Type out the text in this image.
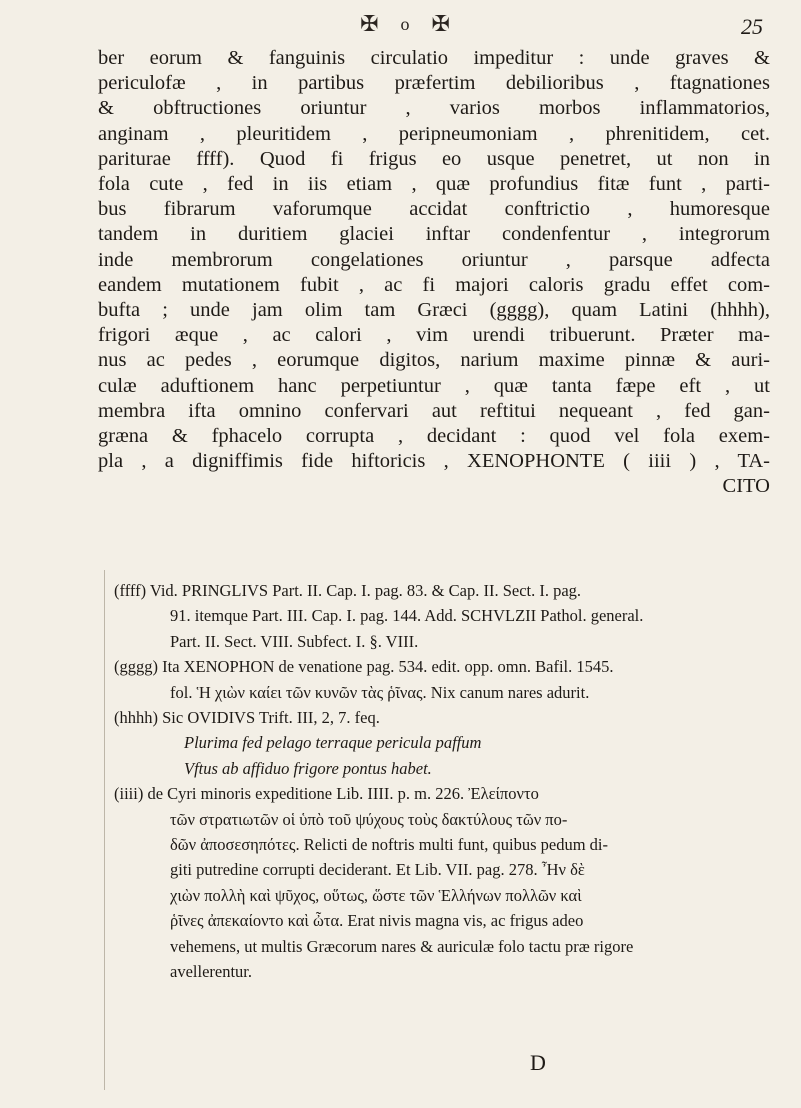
✠ o ✠	25
ber eorum & fanguinis circulatio impeditur : unde graves &
periculofæ , in partibus præfertim debilioribus , ftagnationes
& obftructiones oriuntur , varios morbos inflammatorios,
anginam , pleuritidem , peripneumoniam , phrenitidem, cet.
pariturae ffff). Quod fi frigus eo usque penetret, ut non in
fola cute , fed in iis etiam , quæ profundius fitæ funt , parti-
bus fibrarum vaforumque accidat conftrictio , humoresque
tandem in duritiem glaciei inftar condenfentur , integrorum
inde membrorum congelationes oriuntur , parsque adfecta
eandem mutationem fubit , ac fi majori caloris gradu effet com-
bufta ; unde jam olim tam Græci (gggg), quam Latini (hhhh),
frigori æque , ac calori , vim urendi tribuerunt. Præter ma-
nus ac pedes , eorumque digitos, narium maxime pinnæ & auri-
culæ aduftionem hanc perpetiuntur , quæ tanta fæpe eft , ut
membra ifta omnino confervari aut reftitui nequeant , fed gan-
græna & fphacelo corrupta , decidant : quod vel fola exem-
pla , a digniffimis fide hiftoricis , XENOPHONTE ( iiii ) , TA-
CITO
(ffff) Vid. PRINGLIVS Part. II. Cap. I. pag. 83. & Cap. II. Sect. I. pag.
91. itemque Part. III. Cap. I. pag. 144. Add. SCHVLZII Pathol. general.
Part. II. Sect. VIII. Subfect. I. §. VIII.
(gggg) Ita XENOPHON de venatione pag. 534. edit. opp. omn. Bafil. 1545.
fol. Ἡ χιὼν καίει τῶν κυνῶν τὰς ῥῖνας. Nix canum nares adurit.
(hhhh) Sic OVIDIVS Trift. III, 2, 7. feq.
Plurima fed pelago terraque pericula paffum
Vftus ab affiduo frigore pontus habet.
(iiii) de Cyri minoris expeditione Lib. IIII. p. m. 226. Ἐλείποντο
τῶν στρατιωτῶν οἱ ὑπὸ τοῦ ψύχους τοὺς δακτύλους τῶν πο-
δῶν ἀποσεσηπότες. Relicti de noftris multi funt, quibus pedum di-
giti putredine corrupti deciderant. Et Lib. VII. pag. 278. Ἦν δὲ
χιὼν πολλὴ καὶ ψῦχος, οὕτως, ὥστε τῶν Ἑλλήνων πολλῶν καὶ
ῥῖνες ἀπεκαίοντο καὶ ὦτα. Erat nivis magna vis, ac frigus adeo
vehemens, ut multis Græcorum nares & auriculæ folo tactu præ rigore
avellerentur.
D
